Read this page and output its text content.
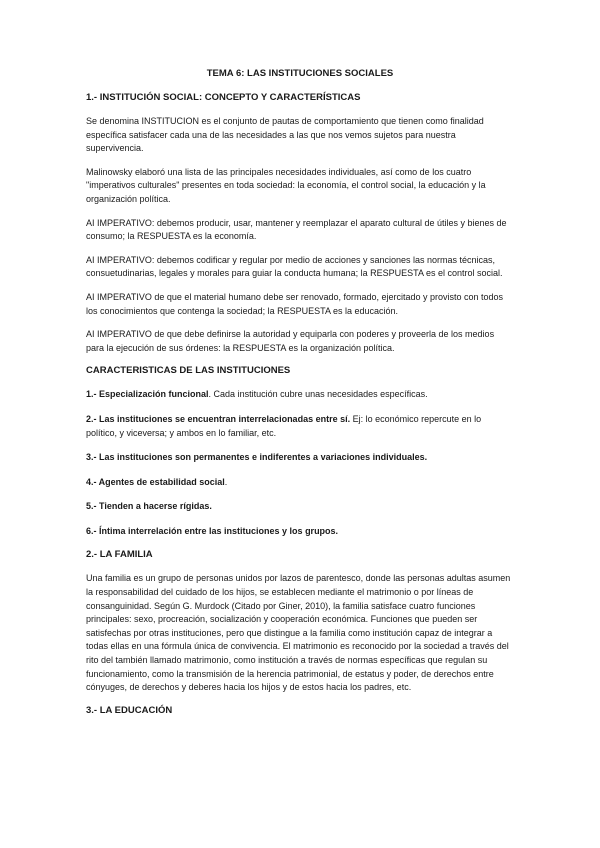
TEMA 6: LAS INSTITUCIONES SOCIALES
1.- INSTITUCIÓN SOCIAL: CONCEPTO Y CARACTERÍSTICAS

Se denomina INSTITUCION es el conjunto de pautas de comportamiento que tienen como finalidad específica satisfacer cada una de las necesidades a las que nos vemos sujetos para nuestra supervivencia.

Malinowsky elaboró una lista de las principales necesidades individuales, así como de los cuatro "imperativos culturales" presentes en toda sociedad: la economía, el control social, la educación y la organización política.

AI IMPERATIVO: debemos producir, usar, mantener y reemplazar el aparato cultural de útiles y bienes de consumo; la RESPUESTA es la economía.

AI IMPERATIVO: debemos codificar y regular por medio de acciones y sanciones las normas técnicas, consuetudinarias, legales y morales para guiar la conducta humana; la RESPUESTA es el control social.

AI IMPERATIVO de que el material humano debe ser renovado, formado, ejercitado y provisto con todos los conocimientos que contenga la sociedad; la RESPUESTA es la educación.

AI IMPERATIVO de que debe definirse la autoridad y equiparla con poderes y proveerla de los medios para la ejecución de sus órdenes: la RESPUESTA es la organización política.

CARACTERISTICAS DE LAS INSTITUCIONES
1.- Especialización funcional. Cada institución cubre unas necesidades específicas.
2.- Las instituciones se encuentran interrelacionadas entre sí. Ej: lo económico repercute en lo político, y viceversa; y ambos en lo familiar, etc.
3.- Las instituciones son permanentes e indiferentes a variaciones individuales.
4.- Agentes de estabilidad social.
5.- Tienden a hacerse rígidas.
6.- Íntima interrelación entre las instituciones y los grupos.
2.- LA FAMILIA

Una familia es un grupo de personas unidos por lazos de parentesco, donde las personas adultas asumen la responsabilidad del cuidado de los hijos, se establecen mediante el matrimonio o por líneas de consanguinidad. Según G. Murdock (Citado por Giner, 2010), la familia satisface cuatro funciones principales: sexo, procreación, socialización y cooperación económica. Funciones que pueden ser satisfechas por otras instituciones, pero que distingue a la familia como institución capaz de integrar a todas ellas en una fórmula única de convivencia. El matrimonio es reconocido por la sociedad a través del rito del también llamado matrimonio, como institución a través de normas específicas que regulan su funcionamiento, como la transmisión de la herencia patrimonial, de estatus y poder, de derechos entre cónyuges, de derechos y deberes hacia los hijos y de estos hacia los padres, etc.

3.- LA EDUCACIÓN
